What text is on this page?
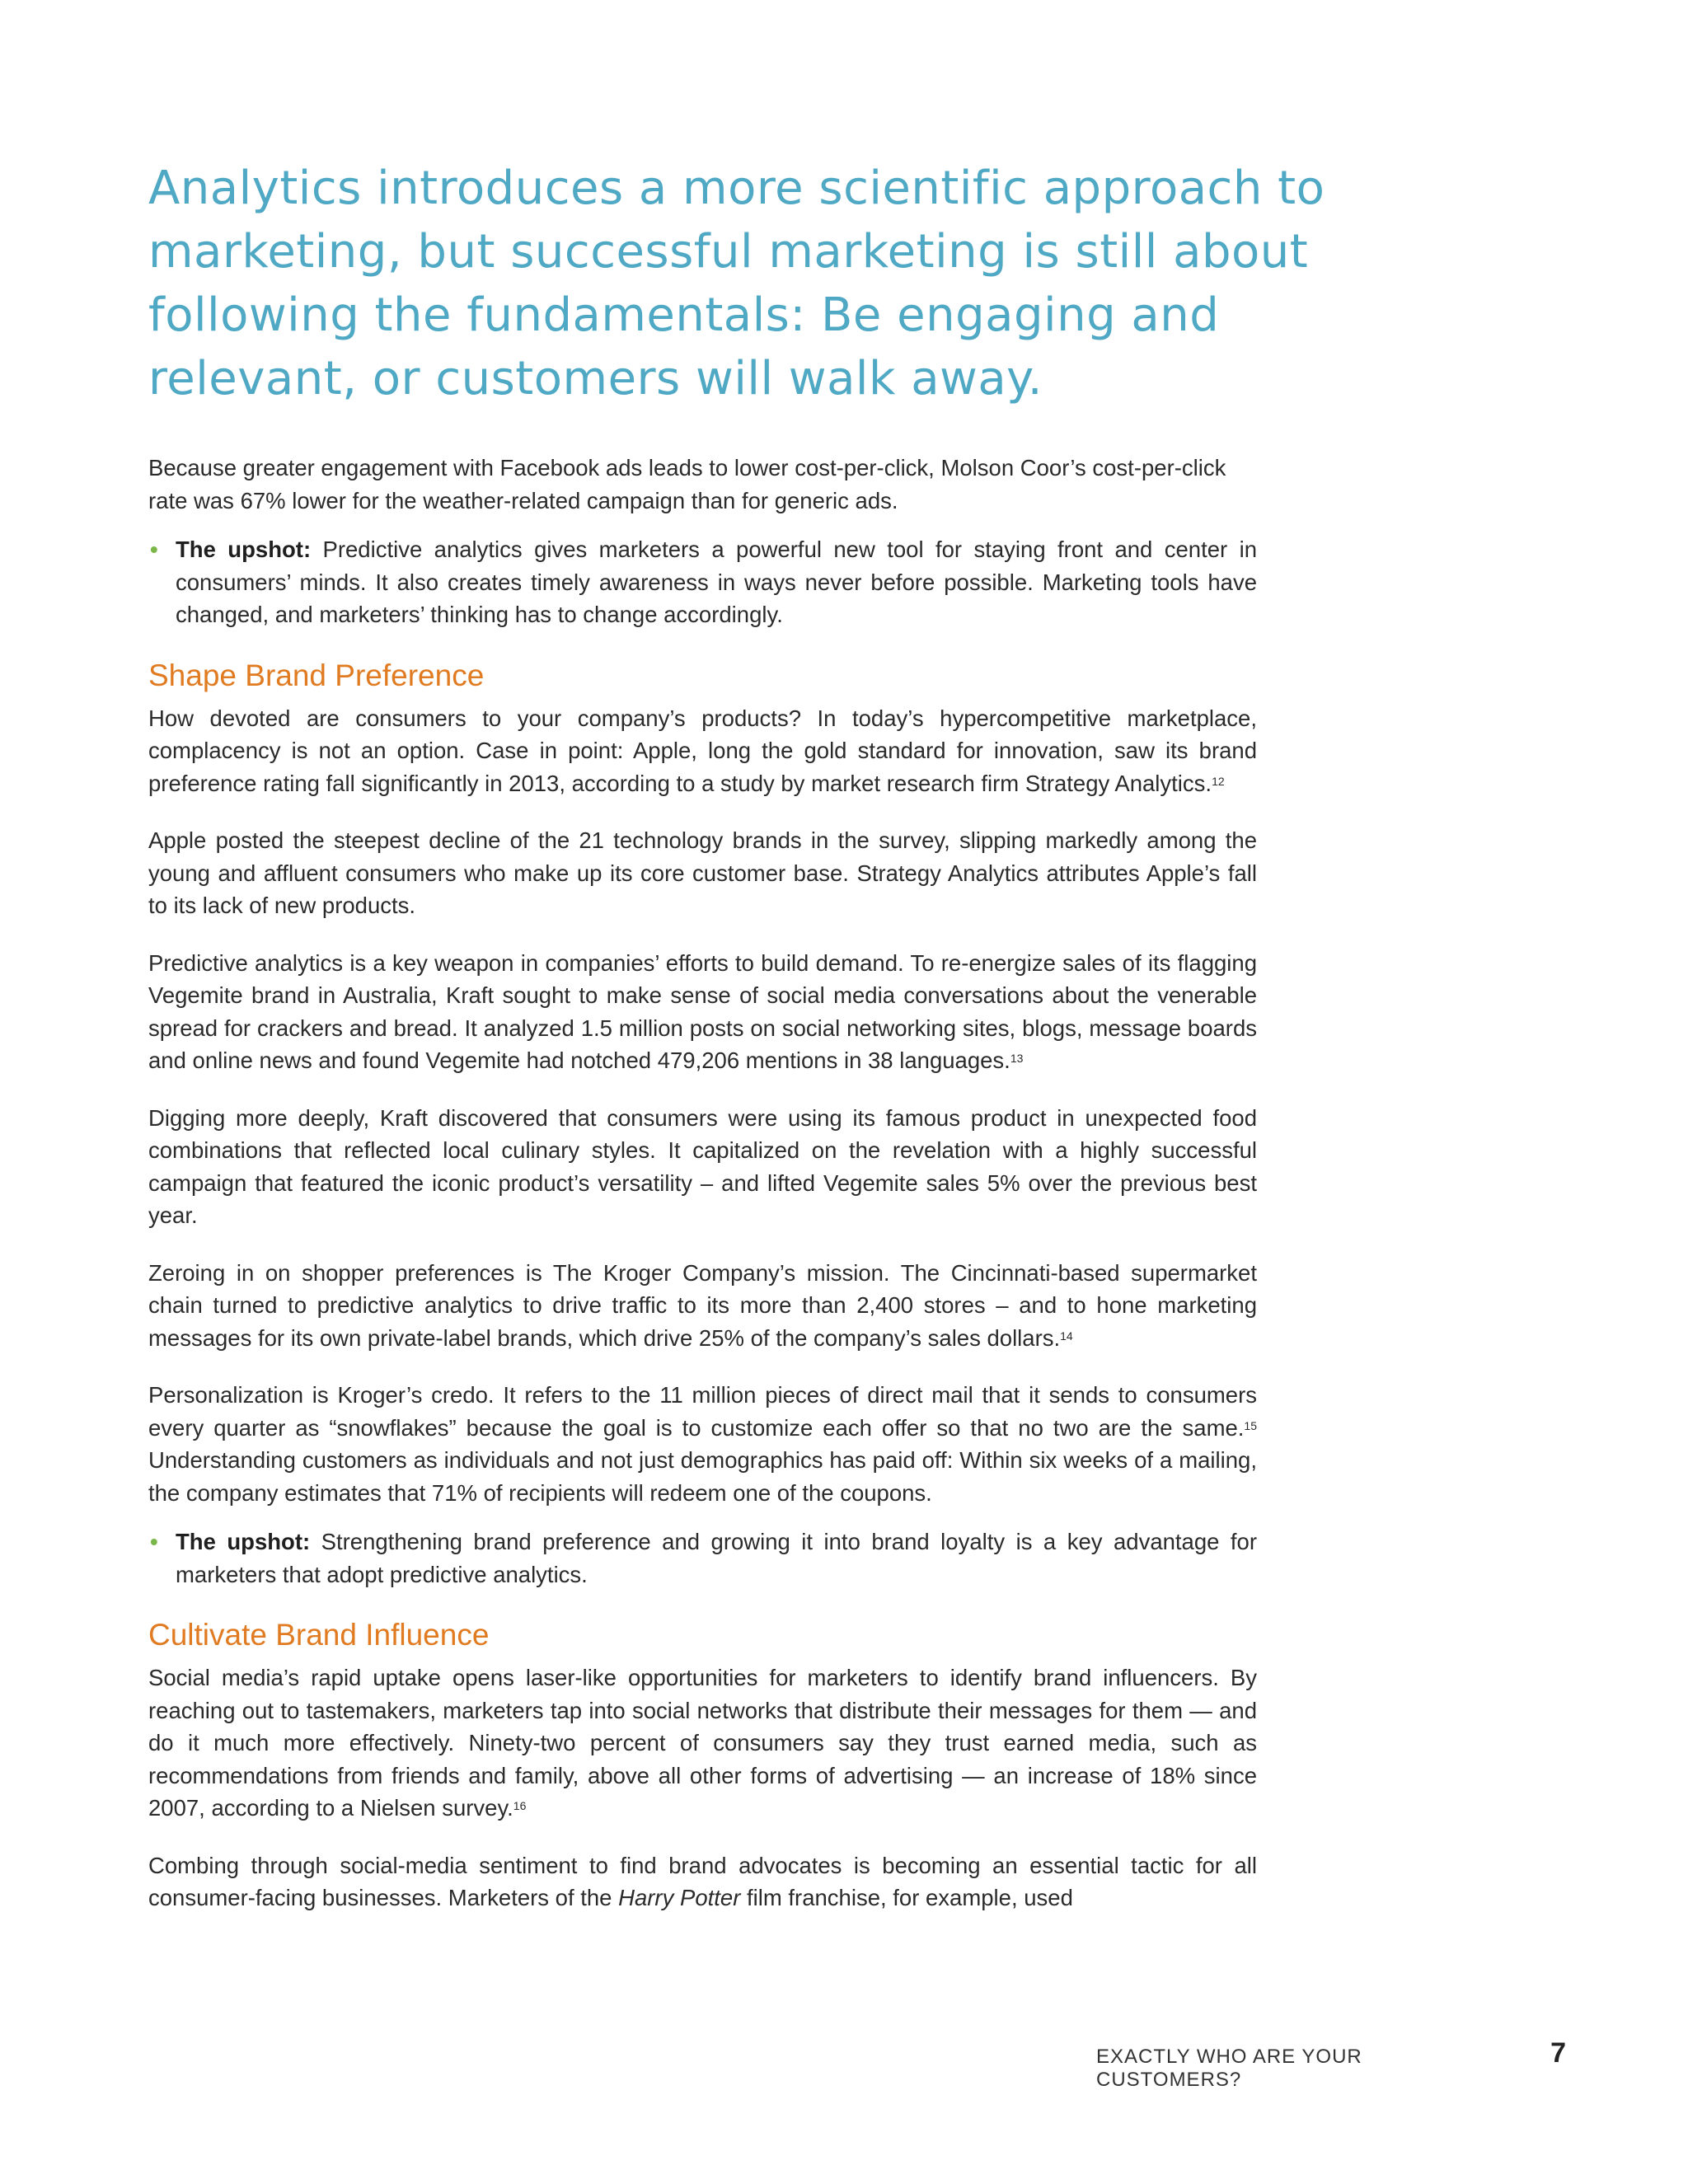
Analytics introduces a more scientific approach to marketing, but successful marketing is still about following the fundamentals: Be engaging and relevant, or customers will walk away.

Because greater engagement with Facebook ads leads to lower cost-per-click, Molson Coor’s cost-per-click rate was 67% lower for the weather-related campaign than for generic ads.

• The upshot: Predictive analytics gives marketers a powerful new tool for staying front and center in consumers’ minds. It also creates timely awareness in ways never before possible. Marketing tools have changed, and marketers’ thinking has to change accordingly.
Shape Brand Preference

How devoted are consumers to your company’s products? In today’s hypercompetitive marketplace, complacency is not an option. Case in point: Apple, long the gold standard for innovation, saw its brand preference rating fall significantly in 2013, according to a study by market research firm Strategy Analytics.$^{12}$

Apple posted the steepest decline of the 21 technology brands in the survey, slipping markedly among the young and affluent consumers who make up its core customer base. Strategy Analytics attributes Apple’s fall to its lack of new products.

Predictive analytics is a key weapon in companies’ efforts to build demand. To re-energize sales of its flagging Vegemite brand in Australia, Kraft sought to make sense of social media conversations about the venerable spread for crackers and bread. It analyzed 1.5 million posts on social networking sites, blogs, message boards and online news and found Vegemite had notched 479,206 mentions in 38 languages.$^{13}$

Digging more deeply, Kraft discovered that consumers were using its famous product in unexpected food combinations that reflected local culinary styles. It capitalized on the revelation with a highly successful campaign that featured the iconic product’s versatility – and lifted Vegemite sales 5% over the previous best year.

Zeroing in on shopper preferences is The Kroger Company’s mission. The Cincinnati-based supermarket chain turned to predictive analytics to drive traffic to its more than 2,400 stores – and to hone marketing messages for its own private-label brands, which drive 25% of the company’s sales dollars.$^{14}$

Personalization is Kroger’s credo. It refers to the 11 million pieces of direct mail that it sends to consumers every quarter as “snowflakes” because the goal is to customize each offer so that no two are the same.$^{15}$ Understanding customers as individuals and not just demographics has paid off: Within six weeks of a mailing, the company estimates that 71% of recipients will redeem one of the coupons.

• The upshot: Strengthening brand preference and growing it into brand loyalty is a key advantage for marketers that adopt predictive analytics.
Cultivate Brand Influence

Social media’s rapid uptake opens laser-like opportunities for marketers to identify brand influencers. By reaching out to tastemakers, marketers tap into social networks that distribute their messages for them — and do it much more effectively. Ninety-two percent of consumers say they trust earned media, such as recommendations from friends and family, above all other forms of advertising — an increase of 18% since 2007, according to a Nielsen survey.$^{16}$

Combing through social-media sentiment to find brand advocates is becoming an essential tactic for all consumer-facing businesses. Marketers of the Harry Potter film franchise, for example, used

EXACTLY WHO ARE YOUR CUSTOMERS?
7
